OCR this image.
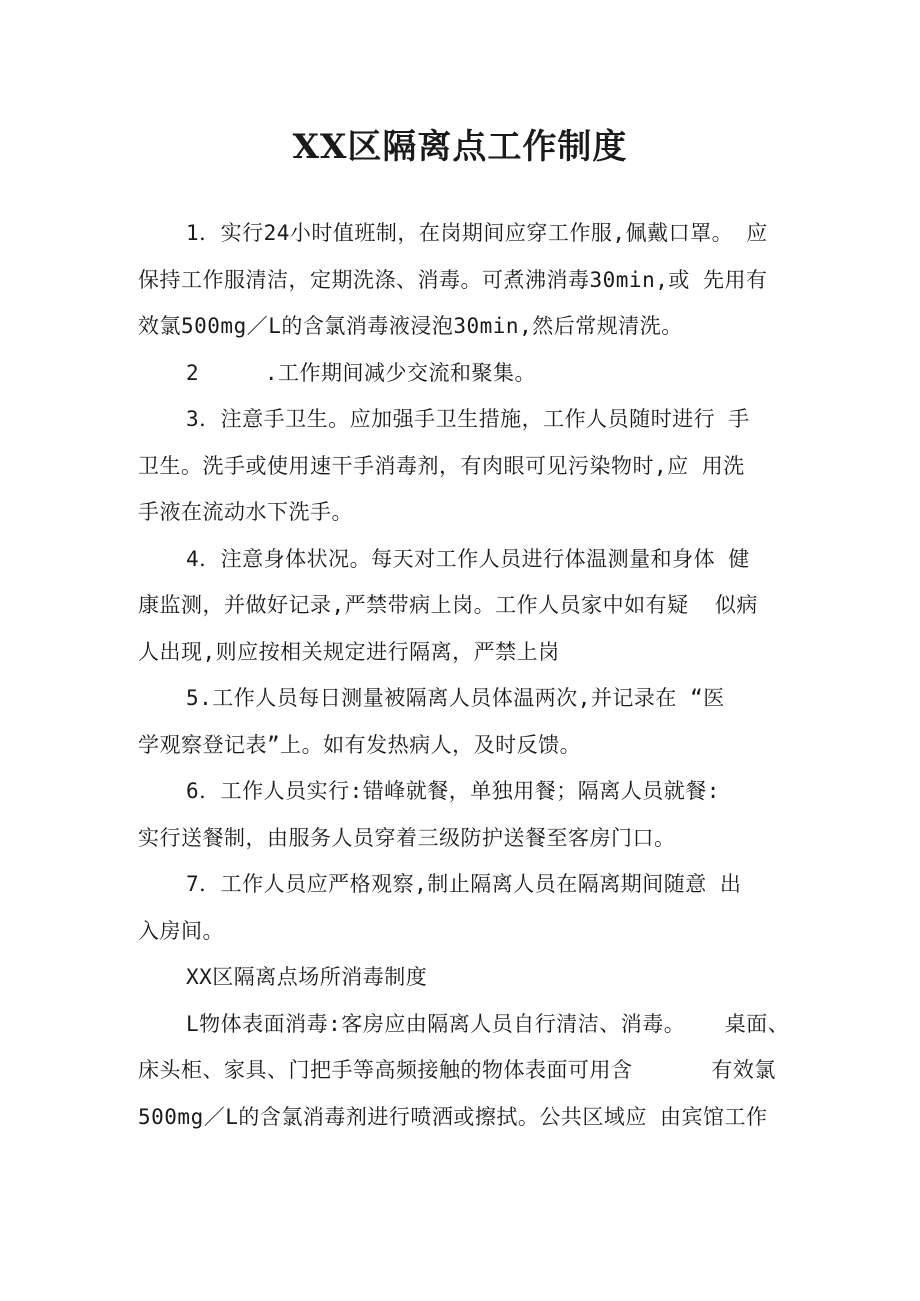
XX区隔离点工作制度
1．实行24小时值班制，在岗期间应穿工作服,佩戴口罩。 应
保持工作服清洁，定期洗涤、消毒。可煮沸消毒30min,或 先用有
效氯500mg／L的含氯消毒液浸泡30min,然后常规清洗。
2     .工作期间减少交流和聚集。
3．注意手卫生。应加强手卫生措施，工作人员随时进行 手
卫生。洗手或使用速干手消毒剂，有肉眼可见污染物时,应 用洗
手液在流动水下洗手。
4．注意身体状况。每天对工作人员进行体温测量和身体 健
康监测，并做好记录,严禁带病上岗。工作人员家中如有疑  似病
人出现,则应按相关规定进行隔离，严禁上岗
5.工作人员每日测量被隔离人员体温两次,并记录在 “医
学观察登记表”上。如有发热病人，及时反馈。
6．工作人员实行:错峰就餐，单独用餐；隔离人员就餐:
实行送餐制，由服务人员穿着三级防护送餐至客房门口。
7．工作人员应严格观察,制止隔离人员在隔离期间随意 出
入房间。
XX区隔离点场所消毒制度
L物体表面消毒:客房应由隔离人员自行清洁、消毒。   桌面、
床头柜、家具、门把手等高频接触的物体表面可用含      有效氯
500mg／L的含氯消毒剂进行喷洒或擦拭。公共区域应 由宾馆工作
